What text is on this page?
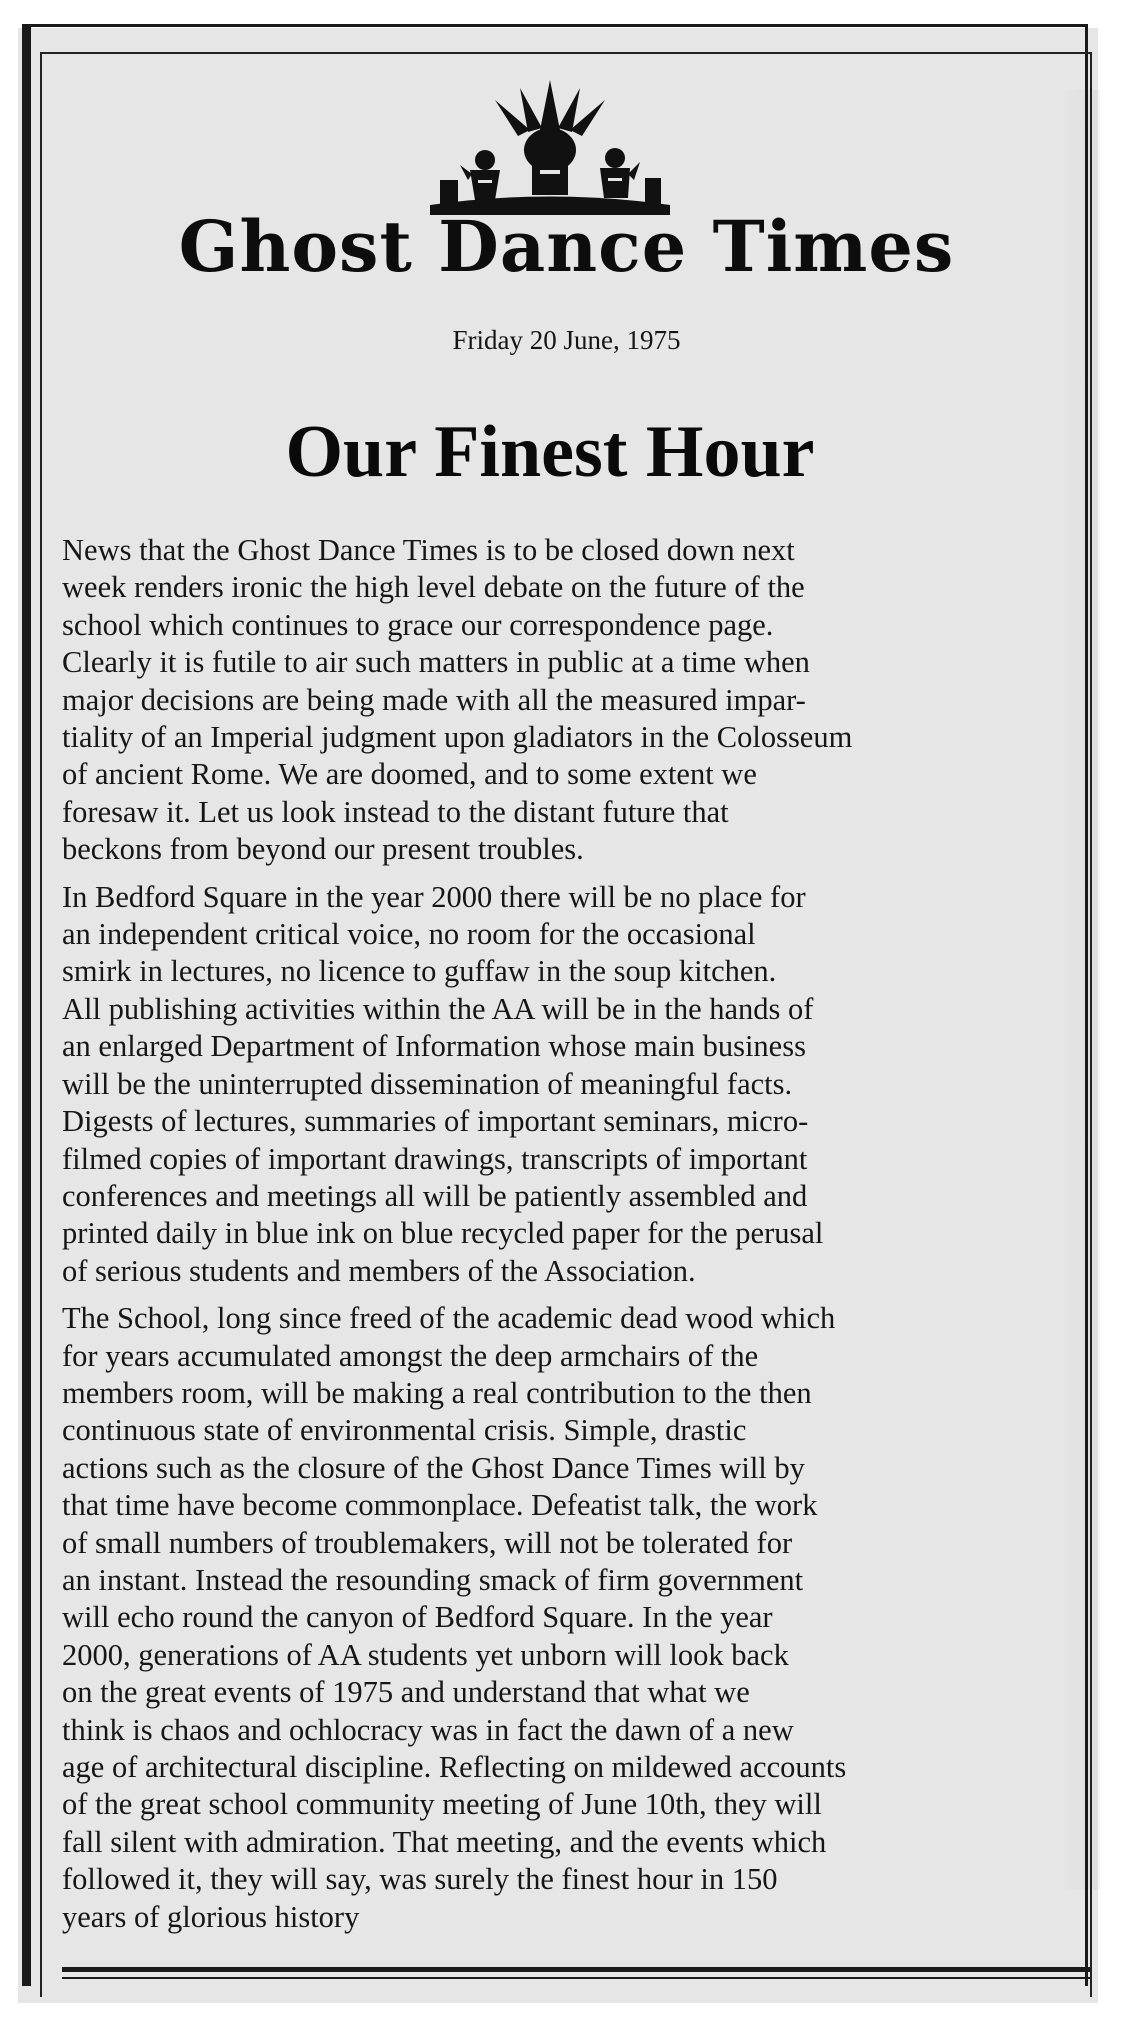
Ghost Dance Times
Friday 20 June, 1975
Our Finest Hour
News that the Ghost Dance Times is to be closed down next
week renders ironic the high level debate on the future of the
school which continues to grace our correspondence page.
Clearly it is futile to air such matters in public at a time when
major decisions are being made with all the measured impar-
tiality of an Imperial judgment upon gladiators in the Colosseum
of ancient Rome. We are doomed, and to some extent we
foresaw it. Let us look instead to the distant future that
beckons from beyond our present troubles.
In Bedford Square in the year 2000 there will be no place for
an independent critical voice, no room for the occasional
smirk in lectures, no licence to guffaw in the soup kitchen.
All publishing activities within the AA will be in the hands of
an enlarged Department of Information whose main business
will be the uninterrupted dissemination of meaningful facts.
Digests of lectures, summaries of important seminars, micro-
filmed copies of important drawings, transcripts of important
conferences and meetings all will be patiently assembled and
printed daily in blue ink on blue recycled paper for the perusal
of serious students and members of the Association.
The School, long since freed of the academic dead wood which
for years accumulated amongst the deep armchairs of the
members room, will be making a real contribution to the then
continuous state of environmental crisis. Simple, drastic
actions such as the closure of the Ghost Dance Times will by
that time have become commonplace. Defeatist talk, the work
of small numbers of troublemakers, will not be tolerated for
an instant. Instead the resounding smack of firm government
will echo round the canyon of Bedford Square. In the year
2000, generations of AA students yet unborn will look back
on the great events of 1975 and understand that what we
think is chaos and ochlocracy was in fact the dawn of a new
age of architectural discipline. Reflecting on mildewed accounts
of the great school community meeting of June 10th, they will
fall silent with admiration. That meeting, and the events which
followed it, they will say, was surely the finest hour in 150
years of glorious history
